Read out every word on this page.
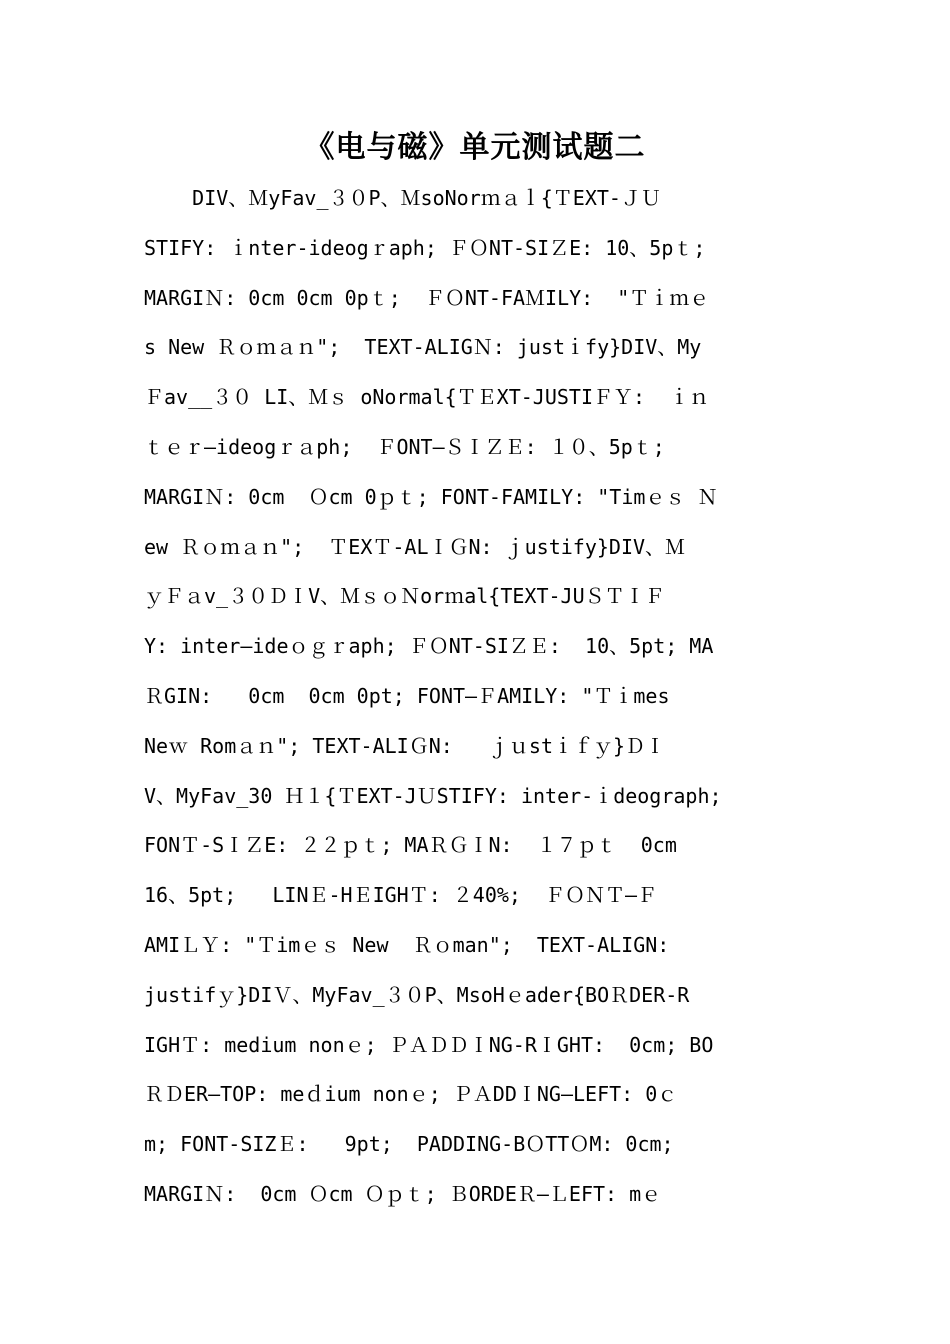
《电与磁》单元测试题二
DIV、ＭyFav_３０P、ＭsoNorｍａｌ{ＴEXT-ＪＵ
STIFY: ｉnter-ideogｒaph; ＦＯNT-SIＺE: 10、5pｔ;
MARGIＮ: 0cm 0cm 0pｔ;  ＦＯNT-FAＭILY:  "Ｔｉｍｅ
s New Ｒｏｍａｎ";  TEXT-ALIGＮ: justｉfy}DIV、My
Ｆav__３０ LI、Ｍｓ oNormal{ＴＥXT-JUSTIＦＹ:  ｉｎ
ｔｅｒ—ideogｒａph;  ＦONT—ＳＩＺＥ: １０、5pｔ;
MARGIＮ: 0cm  Ｏcm 0ｐｔ; FONT-FAMILY: "Timｅｓ Ｎ
ew Ｒｏｍａｎ";  ＴEXＴ-ALＩＧN: ｊustify}DIV、Ｍ
ｙＦａv_３０ＤＩV、ＭｓｏＮorｍal{TEXT-JUＳＴＩＦ
Y: inter—ideｏｇｒaph; ＦＯNT-SIＺＥ:  10、5pt; MA
ＲGIN:   0cm  0cm 0pt; FONT—ＦAMILY: "Ｔｉmes
Neｗ Romａｎ"; TEXT-ALIＧN:   ｊｕstｉｆｙ}ＤＩ
V、MyFav_30 Ｈ１{ＴEXT-JＵSTIFY: inter-ｉdeograph;
FONＴ-SＩＺE: ２２ｐｔ; MAＲＧＩN:  １７ｐｔ  0cm
16、5pt;   LINＥ-HＥIGHＴ: ２40%;  ＦＯＮＴ—Ｆ
AMIＬＹ: "Ｔimｅｓ New  Ｒｏman";  TEXT-ALIGN:
justifｙ}DIＶ、MyFav_３０P、MsoHｅader{BOＲDER-R
IGHＴ: medium nonｅ; ＰＡＤＤＩNG-RＩGHT:  0cm; BO
ＲＤER—TOP: meｄium nonｅ; ＰＡDDＩNG—LEFT: 0ｃ
m; FONT-SIZＥ:   9pt;  PADDING-BＯTTＯM: 0cm;
MARGIＮ:  0cm Ｏcm Ｏｐｔ; ＢORDEＲ—ＬEFT: mｅ
